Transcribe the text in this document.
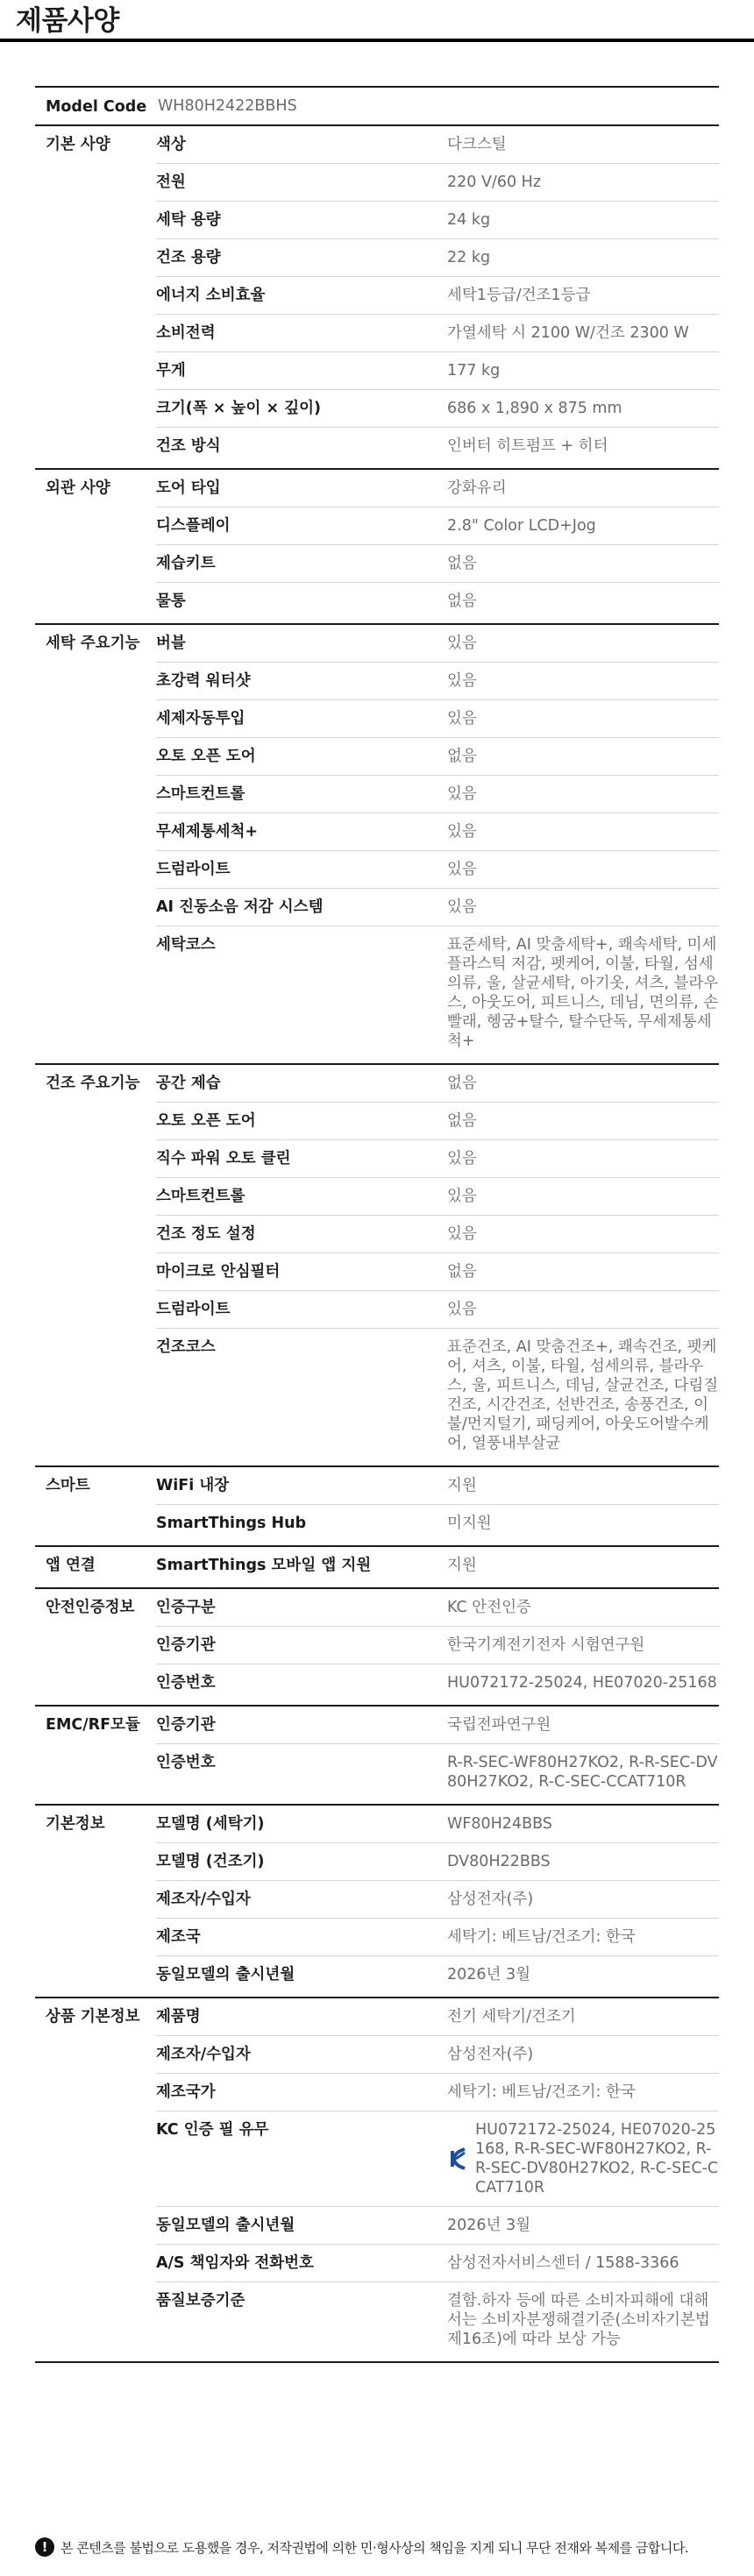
제품사양
Model Code WH80H2422BBHS
기본 사양	색상	다크스틸
전원	220 V/60 Hz
세탁 용량	24 kg
건조 용량	22 kg
에너지 소비효율	세탁1등급/건조1등급
소비전력	가열세탁 시 2100 W/건조 2300 W
무게	177 kg
크기(폭 × 높이 × 깊이)	686 x 1,890 x 875 mm
건조 방식	인버터 히트펌프 + 히터
외관 사양	도어 타입	강화유리
디스플레이	2.8" Color LCD+Jog
제습키트	없음
물통	없음
세탁 주요기능	버블	있음
초강력 워터샷	있음
세제자동투입	있음
오토 오픈 도어	없음
스마트컨트롤	있음
무세제통세척+	있음
드럼라이트	있음
AI 진동소음 저감 시스템	있음
세탁코스	표준세탁, AI 맞춤세탁+, 쾌속세탁, 미세플라스틱 저감, 펫케어, 이불, 타월, 섬세의류, 울, 살균세탁, 아기옷, 셔츠, 블라우스, 아웃도어, 피트니스, 데님, 면의류, 손빨래, 헹굼+탈수, 탈수단독, 무세제통세척+
건조 주요기능	공간 제습	없음
오토 오픈 도어	없음
직수 파워 오토 클린	있음
스마트컨트롤	있음
건조 정도 설정	있음
마이크로 안심필터	없음
드럼라이트	있음
건조코스	표준건조, AI 맞춤건조+, 쾌속건조, 펫케어, 셔츠, 이불, 타월, 섬세의류, 블라우스, 울, 피트니스, 데님, 살균건조, 다림질건조, 시간건조, 선반건조, 송풍건조, 이불/먼지털기, 패딩케어, 아웃도어발수케어, 열풍내부살균
스마트	WiFi 내장	지원
SmartThings Hub	미지원
앱 연결	SmartThings 모바일 앱 지원	지원
안전인증정보	인증구분	KC 안전인증
인증기관	한국기계전기전자 시험연구원
인증번호	HU072172-25024, HE07020-25168
EMC/RF모듈	인증기관	국립전파연구원
인증번호	R-R-SEC-WF80H27KO2, R-R-SEC-DV80H27KO2, R-C-SEC-CCAT710R
기본정보	모델명 (세탁기)	WF80H24BBS
모델명 (건조기)	DV80H22BBS
제조자/수입자	삼성전자(주)
제조국	세탁기: 베트남/건조기: 한국
동일모델의 출시년월	2026년 3월
상품 기본정보	제품명	전기 세탁기/건조기
제조자/수입자	삼성전자(주)
제조국가	세탁기: 베트남/건조기: 한국
KC 인증 필 유무	HU072172-25024, HE07020-25168, R-R-SEC-WF80H27KO2, R-R-SEC-DV80H27KO2, R-C-SEC-CCAT710R
동일모델의 출시년월	2026년 3월
A/S 책임자와 전화번호	삼성전자서비스센터 / 1588-3366
품질보증기준	결함.하자 등에 따른 소비자피해에 대해서는 소비자분쟁해결기준(소비자기본법 제16조)에 따라 보상 가능
! 본 콘텐츠를 불법으로 도용했을 경우, 저작권법에 의한 민·형사상의 책임을 지게 되니 무단 전재와 복제를 금합니다.
